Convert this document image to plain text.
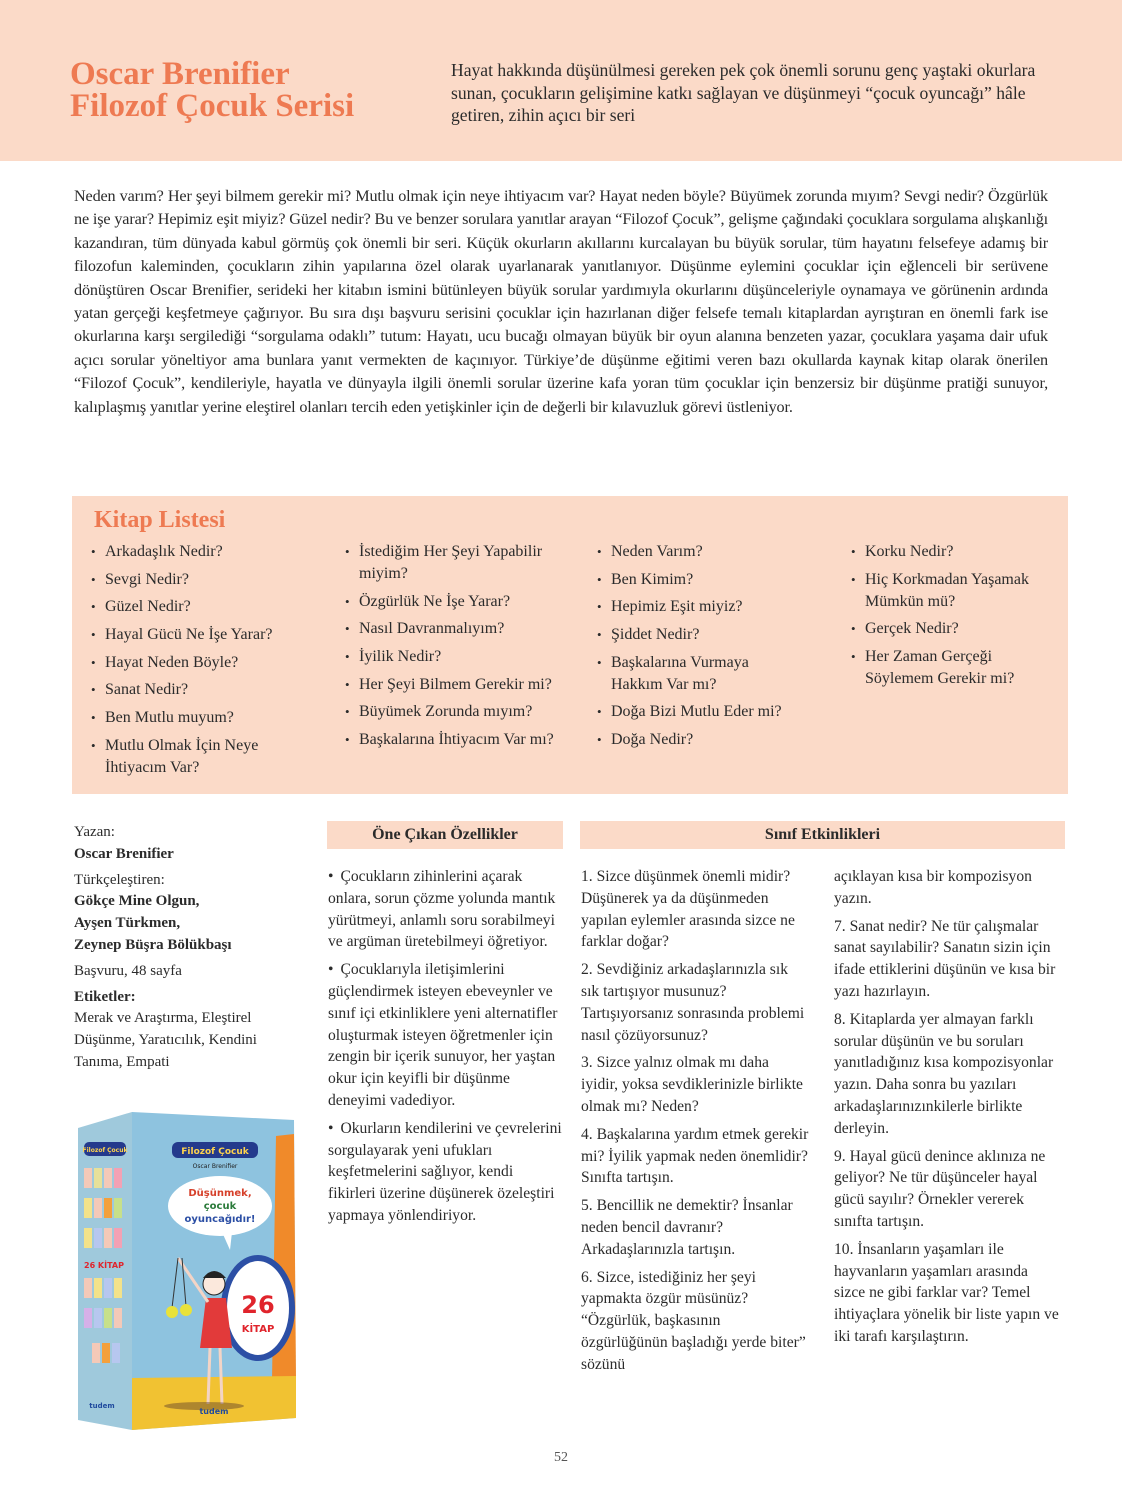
Oscar Brenifier
Filozof Çocuk Serisi

Hayat hakkında düşünülmesi gereken pek çok önemli sorunu genç yaştaki okurlara sunan, çocukların gelişimine katkı sağlayan ve düşünmeyi “çocuk oyuncağı” hâle getiren, zihin açıcı bir seri

Neden varım? Her şeyi bilmem gerekir mi? Mutlu olmak için neye ihtiyacım var? Hayat neden böyle? Büyümek zorunda mıyım? Sevgi nedir? Özgürlük ne işe yarar? Hepimiz eşit miyiz? Güzel nedir? Bu ve benzer sorulara yanıtlar arayan “Filozof Çocuk”, gelişme çağındaki çocuklara sorgulama alışkanlığı kazandıran, tüm dünyada kabul görmüş çok önemli bir seri. Küçük okurların akıllarını kurcalayan bu büyük sorular, tüm hayatını felsefeye adamış bir filozofun kaleminden, çocukların zihin yapılarına özel olarak uyarlanarak yanıtlanıyor. Düşünme eylemini çocuklar için eğlenceli bir serüvene dönüştüren Oscar Brenifier, serideki her kitabın ismini bütünleyen büyük sorular yardımıyla okurlarını düşünceleriyle oynamaya ve görünenin ardında yatan gerçeği keşfetmeye çağırıyor. Bu sıra dışı başvuru serisini çocuklar için hazırlanan diğer felsefe temalı kitaplardan ayrıştıran en önemli fark ise okurlarına karşı sergilediği “sorgulama odaklı” tutum: Hayatı, ucu bucağı olmayan büyük bir oyun alanına benzeten yazar, çocuklara yaşama dair ufuk açıcı sorular yöneltiyor ama bunlara yanıt vermekten de kaçınıyor. Türkiye’de düşünme eğitimi veren bazı okullarda kaynak kitap olarak önerilen “Filozof Çocuk”, kendileriyle, hayatla ve dünyayla ilgili önemli sorular üzerine kafa yoran tüm çocuklar için benzersiz bir düşünme pratiği sunuyor, kalıplaşmış yanıtlar yerine eleştirel olanları tercih eden yetişkinler için de değerli bir kılavuzluk görevi üstleniyor.

Kitap Listesi
• Arkadaşlık Nedir?
• Sevgi Nedir?
• Güzel Nedir?
• Hayal Gücü Ne İşe Yarar?
• Hayat Neden Böyle?
• Sanat Nedir?
• Ben Mutlu muyum?
• Mutlu Olmak İçin Neye İhtiyacım Var?
• İstediğim Her Şeyi Yapabilir miyim?
• Özgürlük Ne İşe Yarar?
• Nasıl Davranmalıyım?
• İyilik Nedir?
• Her Şeyi Bilmem Gerekir mi?
• Büyümek Zorunda mıyım?
• Başkalarına İhtiyacım Var mı?
• Neden Varım?
• Ben Kimim?
• Hepimiz Eşit miyiz?
• Şiddet Nedir?
• Başkalarına Vurmaya Hakkım Var mı?
• Doğa Bizi Mutlu Eder mi?
• Doğa Nedir?
• Korku Nedir?
• Hiç Korkmadan Yaşamak Mümkün mü?
• Gerçek Nedir?
• Her Zaman Gerçeği Söylemem Gerekir mi?
Yazan:
Oscar Brenifier
Türkçeleştiren:
Gökçe Mine Olgun,
Ayşen Türkmen,
Zeynep Büşra Bölükbaşı
Başvuru, 48 sayfa
Etiketler:
Merak ve Araştırma, Eleştirel Düşünme, Yaratıcılık, Kendini Tanıma, Empati
Filozof Çocuk
26 KİTAP
tudem
Filozof Çocuk
Oscar Brenifier
Düşünmek,
çocuk
oyuncağıdır!
26
KİTAP
tudem
Öne Çıkan Özellikler	Sınıf Etkinlikleri

• Çocukların zihinlerini açarak onlara, sorun çözme yolunda mantık yürütmeyi, anlamlı soru sorabilmeyi ve argüman üretebilmeyi öğretiyor.

• Çocuklarıyla iletişimlerini güçlendirmek isteyen ebeveynler ve sınıf içi etkinliklere yeni alternatifler oluşturmak isteyen öğretmenler için zengin bir içerik sunuyor, her yaştan okur için keyifli bir düşünme deneyimi vadediyor.

• Okurların kendilerini ve çevrelerini sorgulayarak yeni ufukları keşfetmelerini sağlıyor, kendi fikirleri üzerine düşünerek özeleştiri yapmaya yönlendiriyor.

1. Sizce düşünmek önemli midir? Düşünerek ya da düşünmeden yapılan eylemler arasında sizce ne farklar doğar?

2. Sevdiğiniz arkadaşlarınızla sık sık tartışıyor musunuz? Tartışıyorsanız sonrasında problemi nasıl çözüyorsunuz?

3. Sizce yalnız olmak mı daha iyidir, yoksa sevdiklerinizle birlikte olmak mı? Neden?

4. Başkalarına yardım etmek gerekir mi? İyilik yapmak neden önemlidir? Sınıfta tartışın.

5. Bencillik ne demektir? İnsanlar neden bencil davranır? Arkadaşlarınızla tartışın.

6. Sizce, istediğiniz her şeyi yapmakta özgür müsünüz? “Özgürlük, başkasının özgürlüğünün başladığı yerde biter” sözünü

açıklayan kısa bir kompozisyon yazın.

7. Sanat nedir? Ne tür çalışmalar sanat sayılabilir? Sanatın sizin için ifade ettiklerini düşünün ve kısa bir yazı hazırlayın.

8. Kitaplarda yer almayan farklı sorular düşünün ve bu soruları yanıtladığınız kısa kompozisyonlar yazın. Daha sonra bu yazıları arkadaşlarınızınkilerle birlikte derleyin.

9. Hayal gücü denince aklınıza ne geliyor? Ne tür düşünceler hayal gücü sayılır? Örnekler vererek sınıfta tartışın.

10. İnsanların yaşamları ile hayvanların yaşamları arasında sizce ne gibi farklar var? Temel ihtiyaçlara yönelik bir liste yapın ve iki tarafı karşılaştırın.

52
